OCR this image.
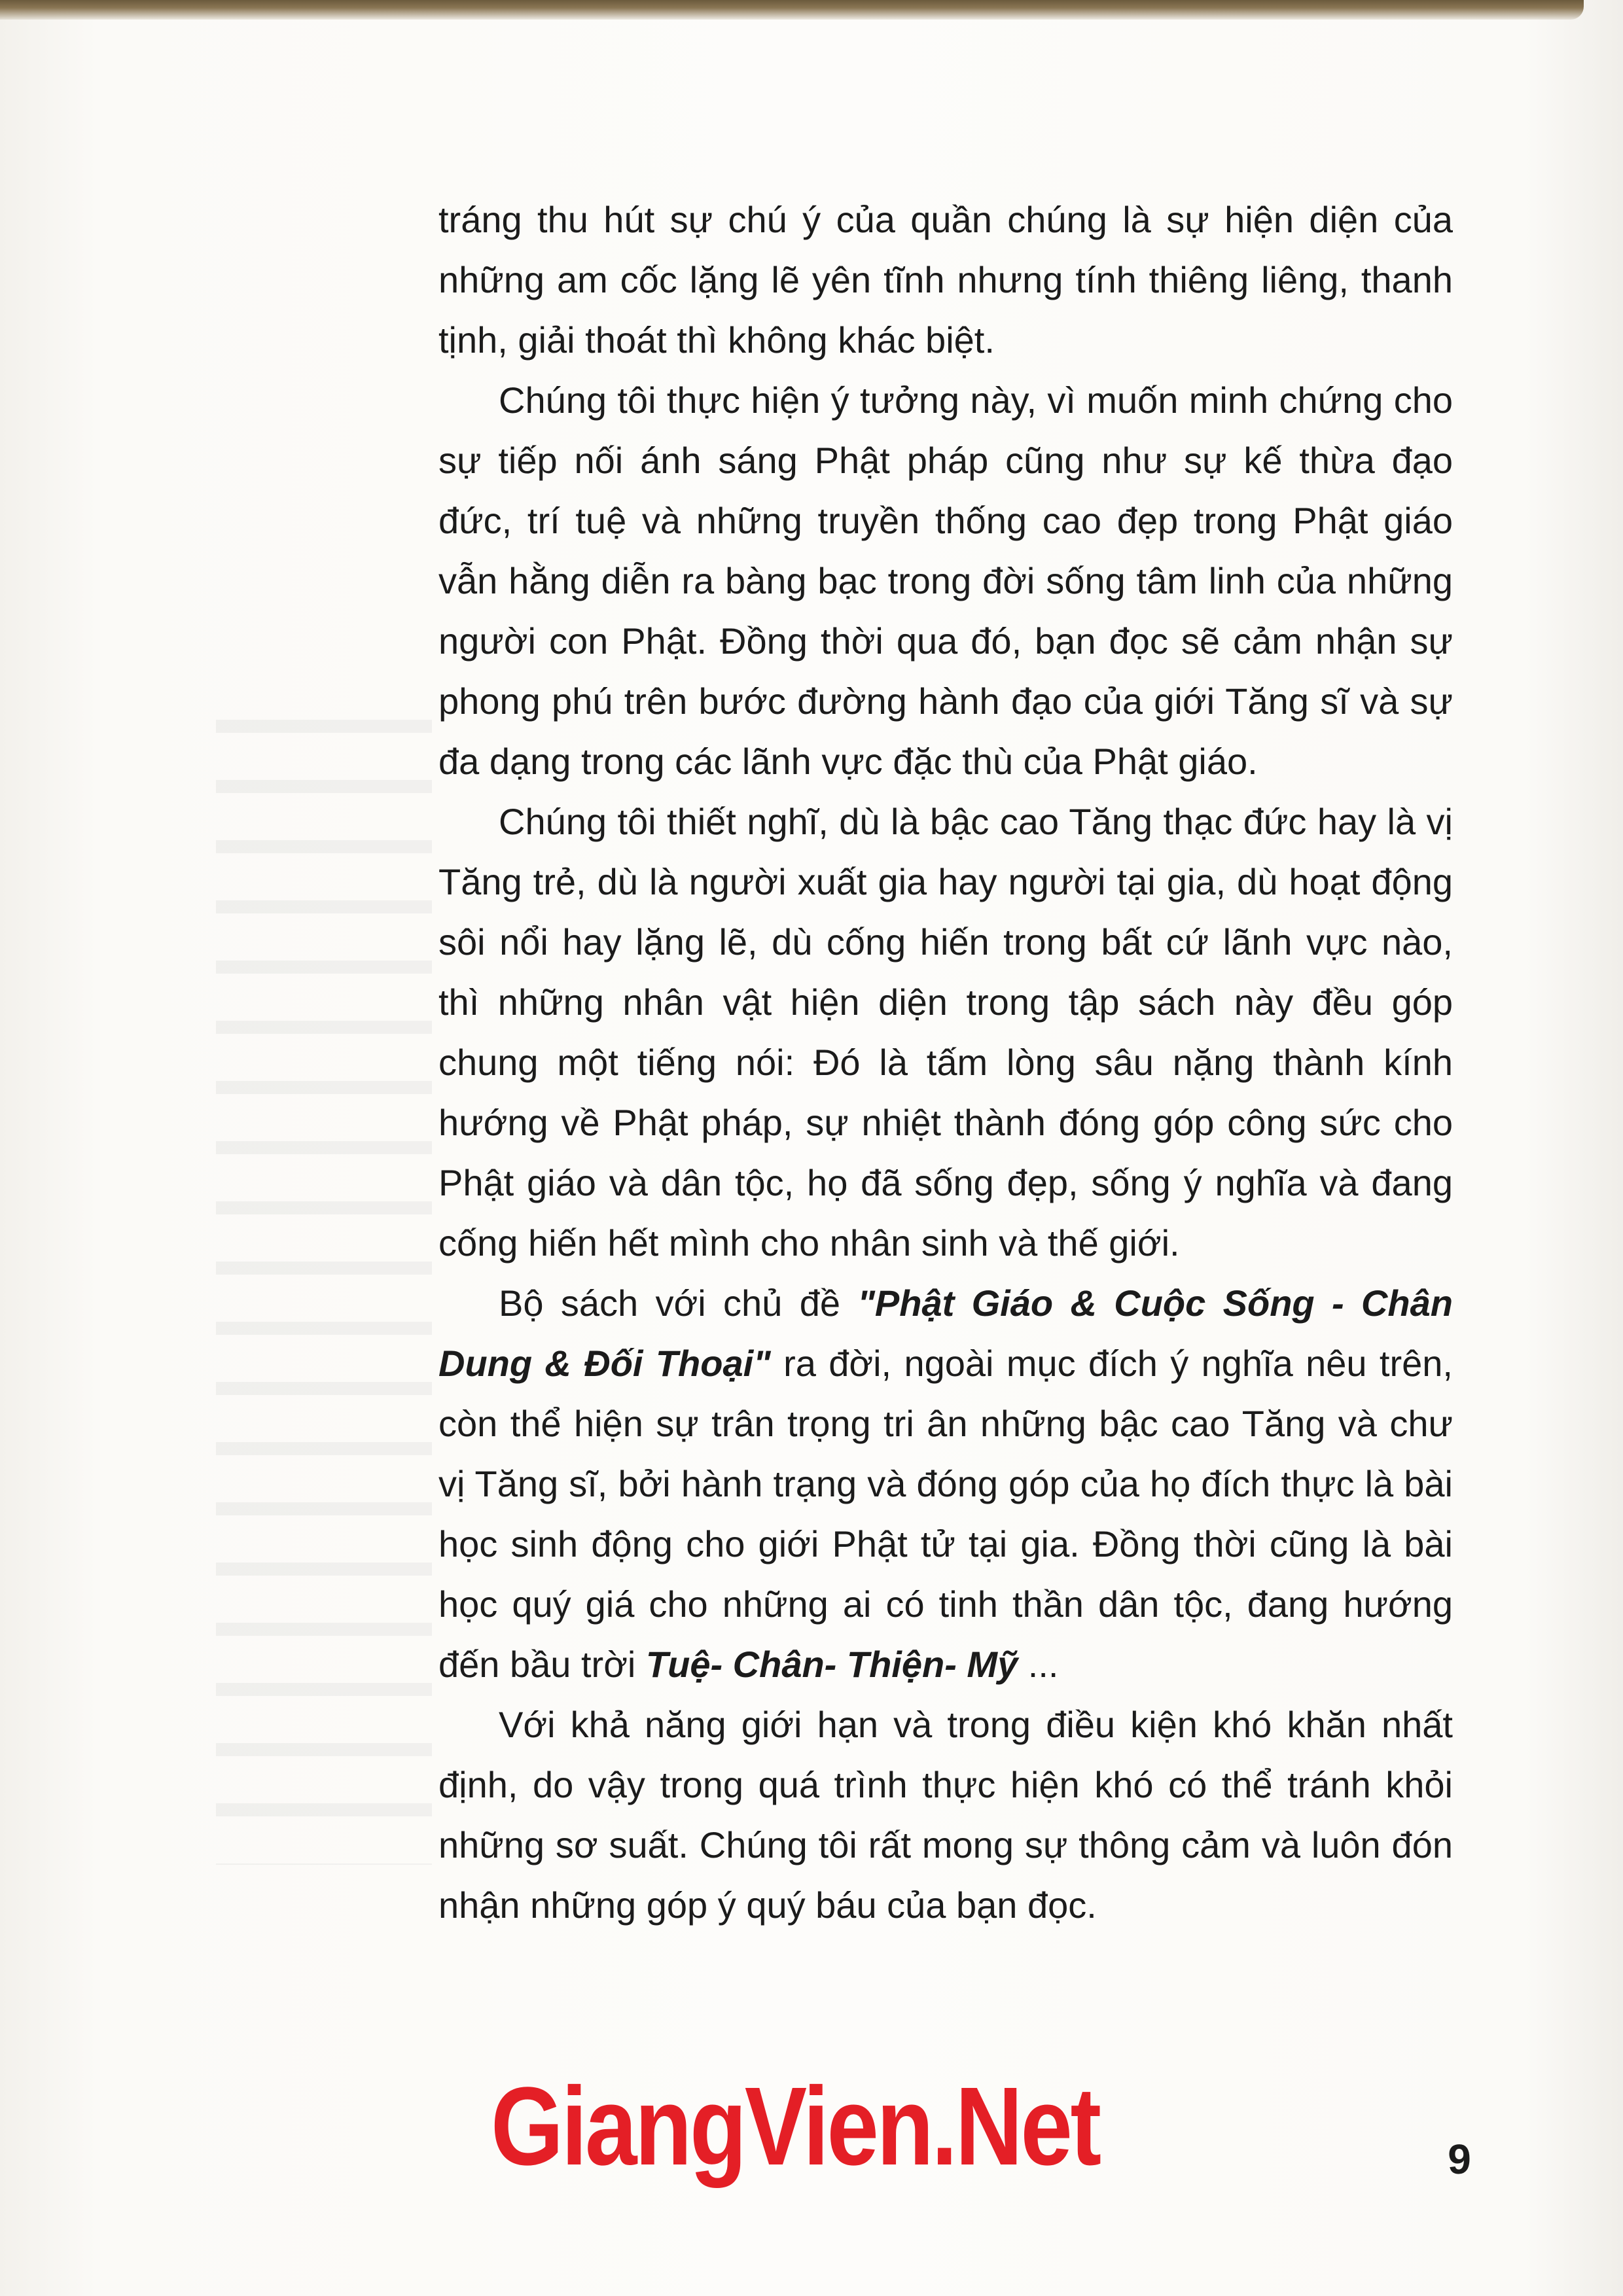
tráng thu hút sự chú ý của quần chúng là sự hiện diện của những am cốc lặng lẽ yên tĩnh nhưng tính thiêng liêng, thanh tịnh, giải thoát thì không khác biệt.

Chúng tôi thực hiện ý tưởng này, vì muốn minh chứng cho sự tiếp nối ánh sáng Phật pháp cũng như sự kế thừa đạo đức, trí tuệ và những truyền thống cao đẹp trong Phật giáo vẫn hằng diễn ra bàng bạc trong đời sống tâm linh của những người con Phật. Đồng thời qua đó, bạn đọc sẽ cảm nhận sự phong phú trên bước đường hành đạo của giới Tăng sĩ và sự đa dạng trong các lãnh vực đặc thù của Phật giáo.

Chúng tôi thiết nghĩ, dù là bậc cao Tăng thạc đức hay là vị Tăng trẻ, dù là người xuất gia hay người tại gia, dù hoạt động sôi nổi hay lặng lẽ, dù cống hiến trong bất cứ lãnh vực nào, thì những nhân vật hiện diện trong tập sách này đều góp chung một tiếng nói: Đó là tấm lòng sâu nặng thành kính hướng về Phật pháp, sự nhiệt thành đóng góp công sức cho Phật giáo và dân tộc, họ đã sống đẹp, sống ý nghĩa và đang cống hiến hết mình cho nhân sinh và thế giới.

Bộ sách với chủ đề "Phật Giáo & Cuộc Sống - Chân Dung & Đối Thoại" ra đời, ngoài mục đích ý nghĩa nêu trên, còn thể hiện sự trân trọng tri ân những bậc cao Tăng và chư vị Tăng sĩ, bởi hành trạng và đóng góp của họ đích thực là bài học sinh động cho giới Phật tử tại gia. Đồng thời cũng là bài học quý giá cho những ai có tinh thần dân tộc, đang hướng đến bầu trời Tuệ- Chân- Thiện- Mỹ ...

Với khả năng giới hạn và trong điều kiện khó khăn nhất định, do vậy trong quá trình thực hiện khó có thể tránh khỏi những sơ suất. Chúng tôi rất mong sự thông cảm và luôn đón nhận những góp ý quý báu của bạn đọc.

GiangVien.Net	9
